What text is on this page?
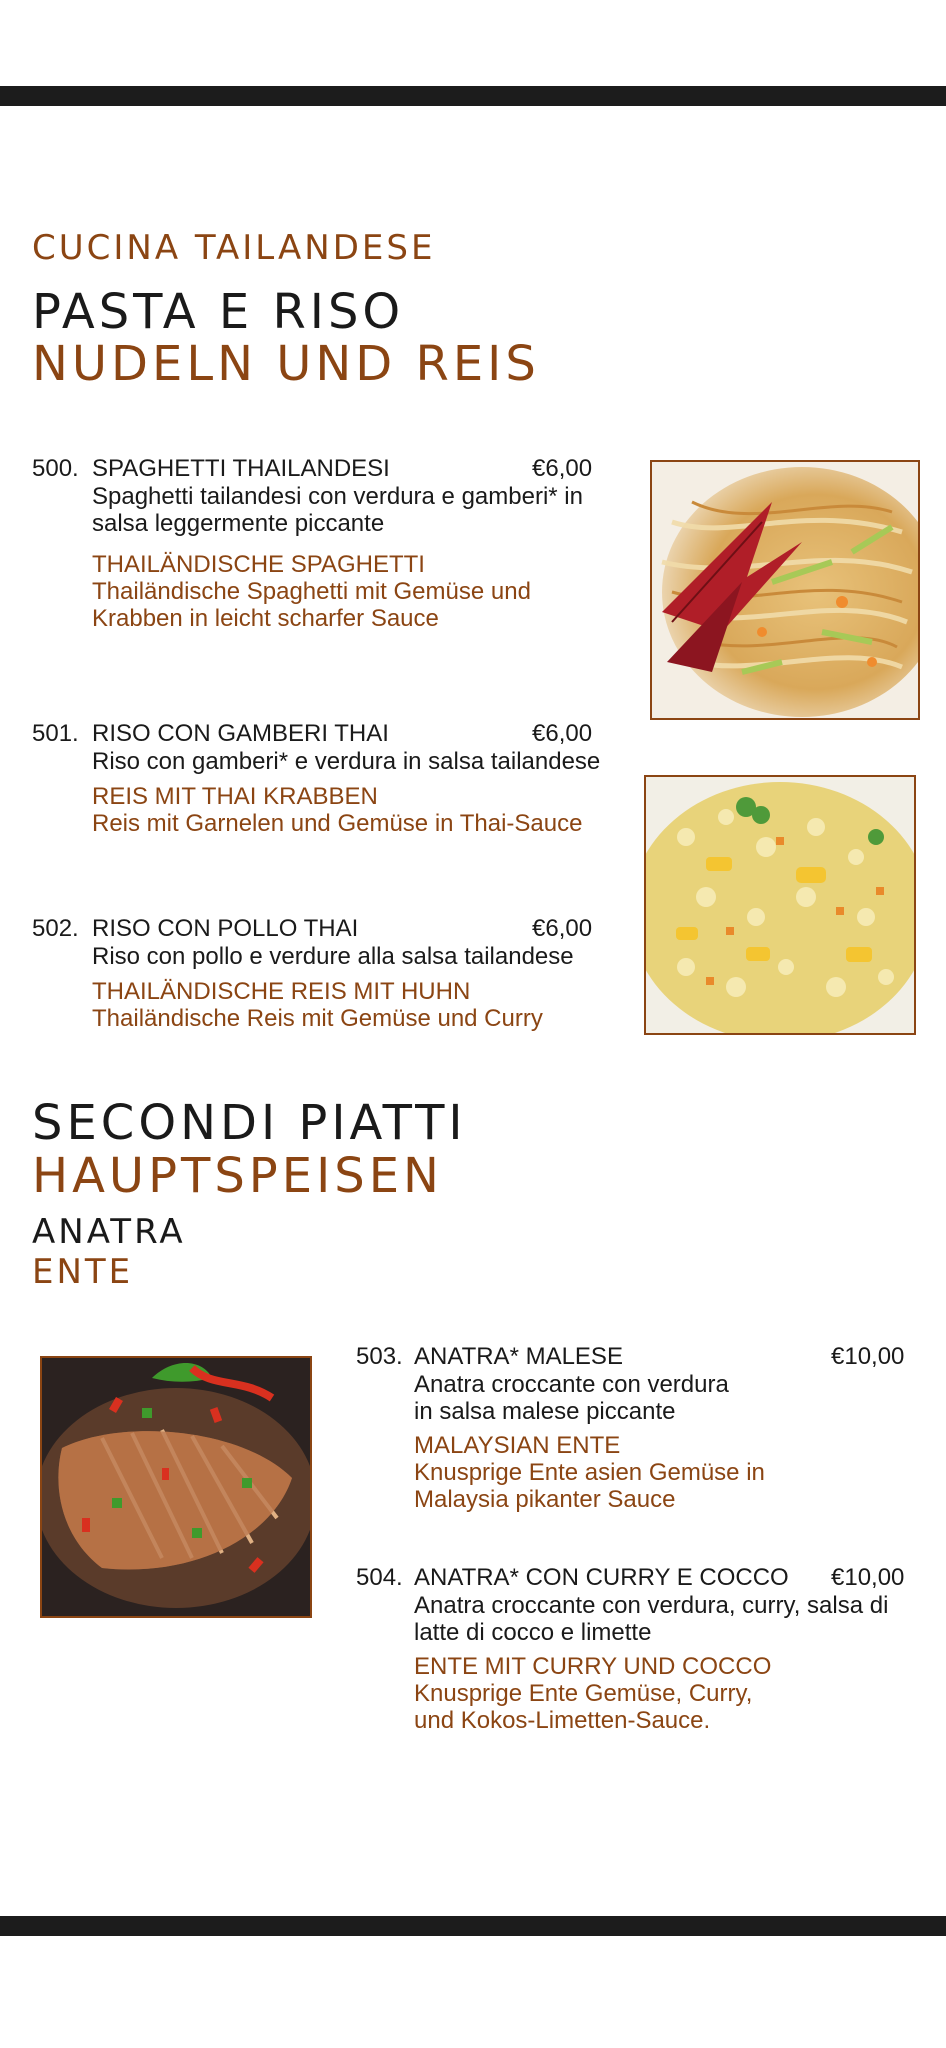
CUCINA TAILANDESE
PASTA E RISO
NUDELN UND REIS
500. SPAGHETTI THAILANDESI	€6,00
Spaghetti tailandesi con verdura e gamberi* in
salsa leggermente piccante
THAILÄNDISCHE SPAGHETTI
Thailändische Spaghetti mit Gemüse und
Krabben in leicht scharfer Sauce
501. RISO CON GAMBERI THAI	€6,00
Riso con gamberi* e verdura in salsa tailandese
REIS MIT THAI KRABBEN
Reis mit Garnelen und Gemüse in Thai-Sauce
502. RISO CON POLLO THAI	€6,00
Riso con pollo e verdure alla salsa tailandese
THAILÄNDISCHE REIS MIT HUHN
Thailändische Reis mit Gemüse und Curry
SECONDI PIATTI
HAUPTSPEISEN
ANATRA
ENTE
503. ANATRA* MALESE	€10,00
Anatra croccante con verdura
in salsa malese piccante
MALAYSIAN ENTE
Knusprige Ente asien Gemüse in
Malaysia pikanter Sauce
504. ANATRA* CON CURRY E COCCO €10,00
Anatra croccante con verdura, curry, salsa di
latte di cocco e limette
ENTE MIT CURRY UND COCCO
Knusprige Ente Gemüse, Curry,
und Kokos-Limetten-Sauce.
